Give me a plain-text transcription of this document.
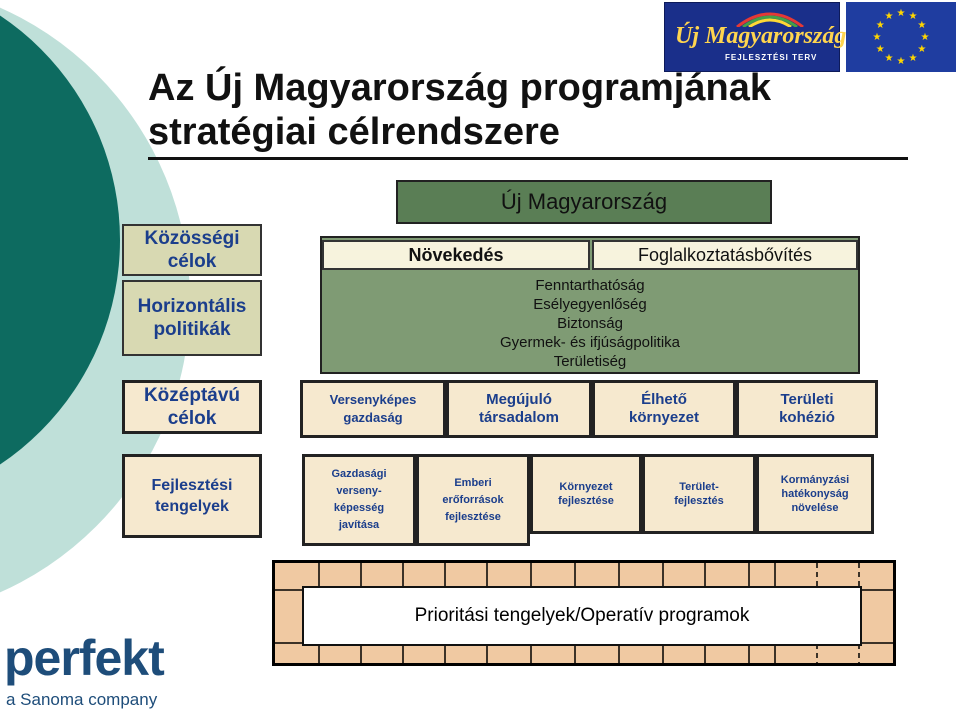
Új Magyarország
FEJLESZTÉSI TERV
★ ★
★
★
★
★
★
★
★
★
★
★
Az Új Magyarország programjának
stratégiai célrendszere
Közösségi célok
Horizontális politikák
Középtávú célok
Fejlesztési tengelyek
Új Magyarország
Növekedés	Foglalkoztatásbővítés
Fenntarthatóság
Esélyegyenlőség
Biztonság
Gyermek- és ifjúságpolitika
Területiség
Versenyképes gazdaság
Megújuló társadalom
Élhető környezet
Területi kohézió
Gazdasági verseny-képesség javítása
Emberi erőforrások fejlesztése
Környezet fejlesztése
Terület-fejlesztés
Kormányzási hatékonyság növelése
Prioritási tengelyek/Operatív programok
perfekt
a Sanoma company
